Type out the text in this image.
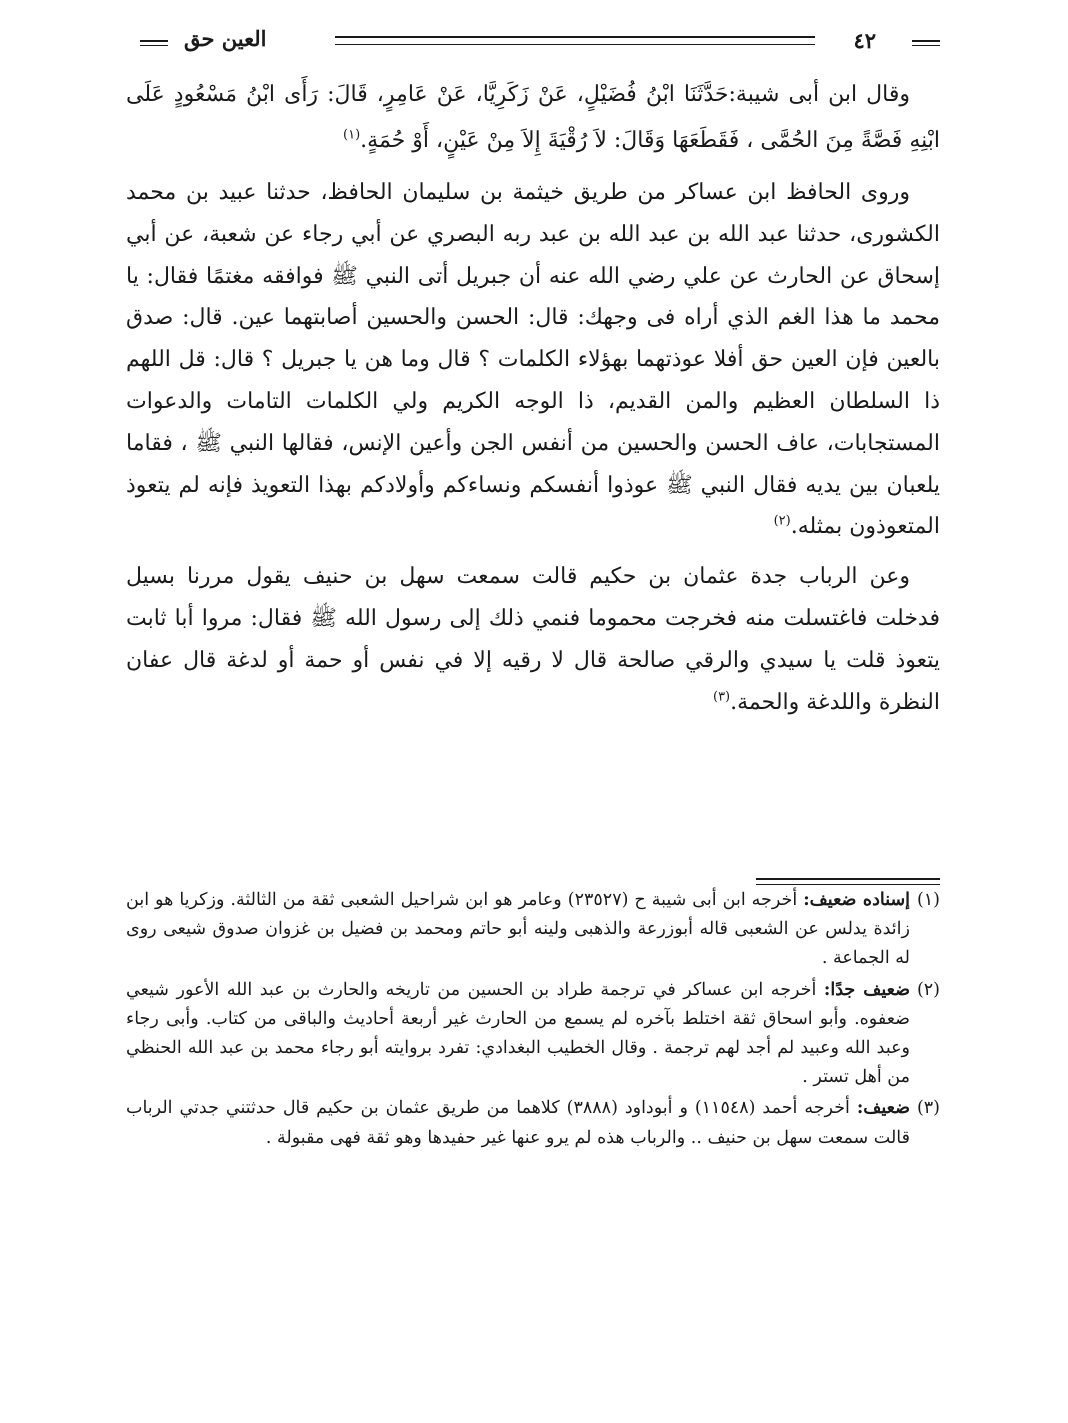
٤٢
العين حق

وقال ابن أبى شيبة:حَدَّثَنَا ابْنُ فُضَيْلٍ، عَنْ زَكَرِيَّا، عَنْ عَامِرٍ، قَالَ: رَأَى ابْنُ مَسْعُودٍ عَلَى ابْنِهِ فَصَّةً مِنَ الحُمَّى ، فَقَطَعَهَا وَقَالَ: لاَ رُقْيَةَ إِلاَ مِنْ عَيْنٍ، أَوْ حُمَةٍ.$^{(١)}$

وروى الحافظ ابن عساكر من طريق خيثمة بن سليمان الحافظ، حدثنا عبيد بن محمد الكشورى، حدثنا عبد الله بن عبد الله بن عبد ربه البصري عن أبي رجاء عن شعبة، عن أبي إسحاق عن الحارث عن علي رضي الله عنه أن جبريل أتى النبي ﷺ فوافقه مغتمًا فقال: يا محمد ما هذا الغم الذي أراه فى وجهك: قال: الحسن والحسين أصابتهما عين. قال: صدق بالعين فإن العين حق أفلا عوذتهما بهؤلاء الكلمات ؟ قال وما هن يا جبريل ؟ قال: قل اللهم ذا السلطان العظيم والمن القديم، ذا الوجه الكريم ولي الكلمات التامات والدعوات المستجابات، عاف الحسن والحسين من أنفس الجن وأعين الإنس، فقالها النبي ﷺ ، فقاما يلعبان بين يديه فقال النبي ﷺ عوذوا أنفسكم ونساءكم وأولادكم بهذا التعويذ فإنه لم يتعوذ المتعوذون بمثله.$^{(٢)}$

وعن الرباب جدة عثمان بن حكيم قالت سمعت سهل بن حنيف يقول مررنا بسيل فدخلت فاغتسلت منه فخرجت محموما فنمي ذلك إلى رسول الله ﷺ فقال: مروا أبا ثابت يتعوذ قلت يا سيدي والرقي صالحة قال لا رقيه إلا في نفس أو حمة أو لدغة قال عفان النظرة واللدغة والحمة.$^{(٣)}$

(١)
إسناده ضعيف: أخرجه ابن أبى شيبة ح (٢٣٥٢٧) وعامر هو ابن شراحيل الشعبى ثقة من الثالثة. وزكريا هو ابن زائدة يدلس عن الشعبى قاله أبوزرعة والذهبى ولينه أبو حاتم ومحمد بن فضيل بن غزوان صدوق شيعى روى له الجماعة .
(٢)
ضعيف جدًا: أخرجه ابن عساكر في ترجمة طراد بن الحسين من تاريخه والحارث بن عبد الله الأعور شيعي ضعفوه. وأبو اسحاق ثقة اختلط بآخره لم يسمع من الحارث غير أربعة أحاديث والباقى من كتاب. وأبى رجاء وعبد الله وعبيد لم أجد لهم ترجمة . وقال الخطيب البغدادي: تفرد بروايته أبو رجاء محمد بن عبد الله الحنظي من أهل تستر .
(٣)
ضعيف: أخرجه أحمد (١١٥٤٨) و أبوداود (٣٨٨٨) كلاهما من طريق عثمان بن حكيم قال حدثتني جدتي الرباب قالت سمعت سهل بن حنيف .. والرباب هذه لم يرو عنها غير حفيدها وهو ثقة فهى مقبولة .
